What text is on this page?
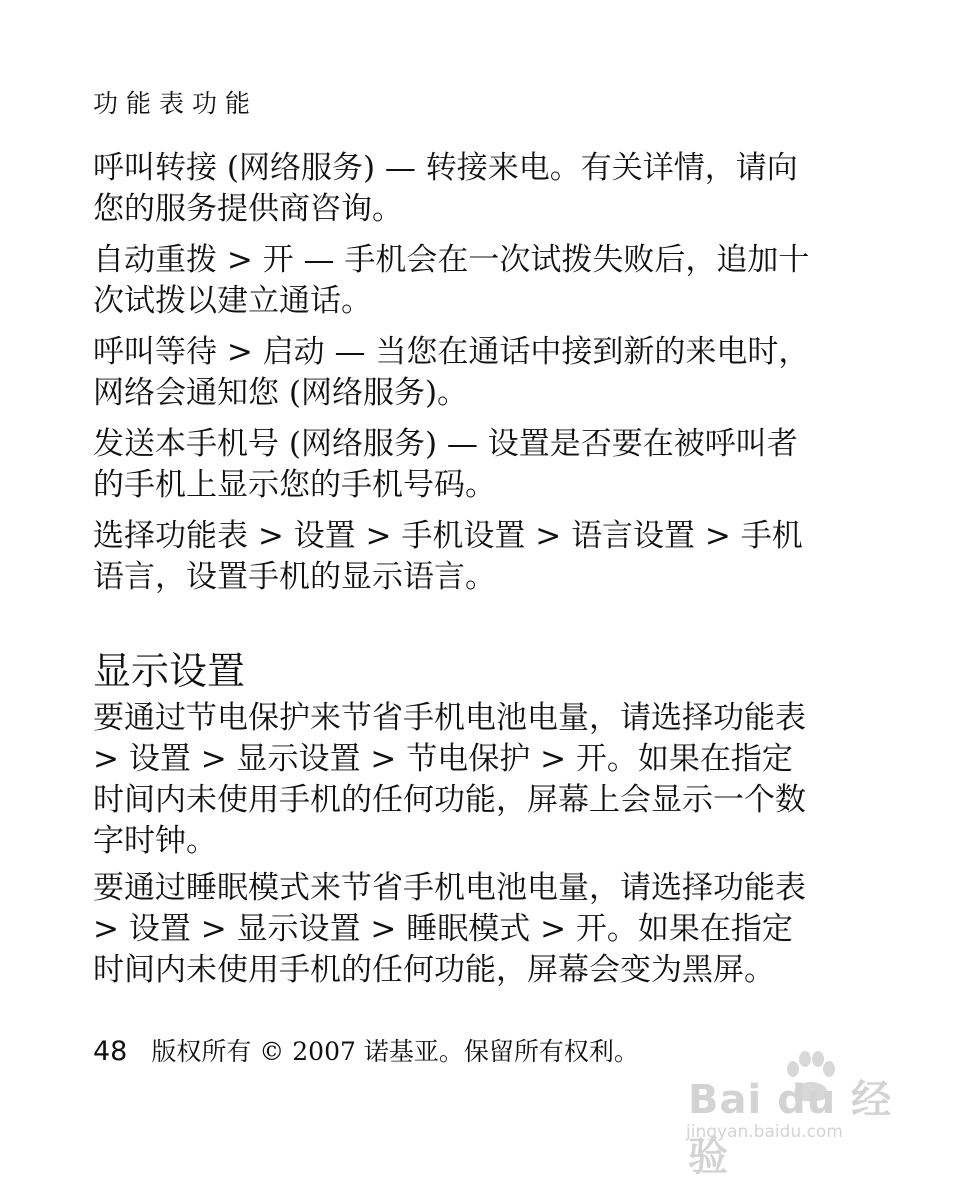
功能表功能

呼叫转接 (网络服务) — 转接来电。有关详情，请向您的服务提供商咨询。

自动重拨 > 开 — 手机会在一次试拨失败后，追加十次试拨以建立通话。

呼叫等待 > 启动 — 当您在通话中接到新的来电时，网络会通知您 (网络服务)。

发送本手机号 (网络服务) — 设置是否要在被呼叫者的手机上显示您的手机号码。

选择功能表 > 设置 > 手机设置 > 语言设置 > 手机语言，设置手机的显示语言。

显示设置

要通过节电保护来节省手机电池电量，请选择功能表 > 设置 > 显示设置 > 节电保护 > 开。如果在指定时间内未使用手机的任何功能，屏幕上会显示一个数字时钟。

要通过睡眠模式来节省手机电池电量，请选择功能表 > 设置 > 显示设置 > 睡眠模式 > 开。如果在指定时间内未使用手机的任何功能，屏幕会变为黑屏。

48 版权所有 © 2007 诺基亚。保留所有权利。
Bai du 经验
jingyan.baidu.com
